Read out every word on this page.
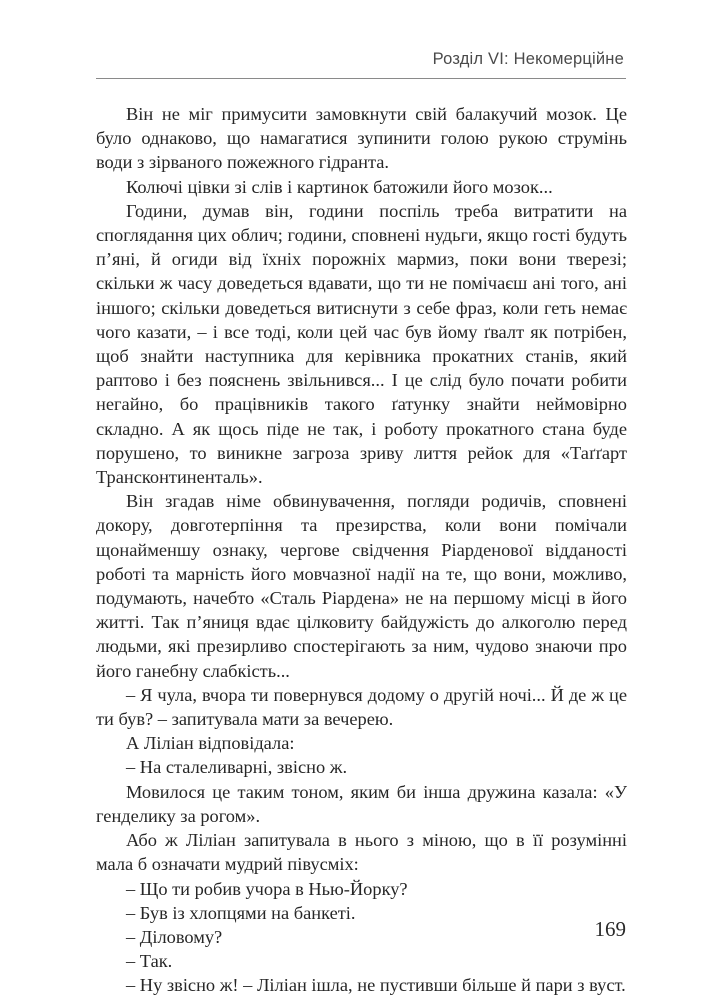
Розділ VI: Некомерційне

Він не міг примусити замовкнути свій балакучий мозок. Це було однаково, що намагатися зупинити голою рукою струмінь води з зірваного пожежного гідранта.

Колючі цівки зі слів і картинок батожили його мозок...

Години, думав він, години поспіль треба витратити на споглядання цих облич; години, сповнені нудьги, якщо гості будуть п’яні, й огиди від їхніх порожніх мармиз, поки вони тверезі; скільки ж часу доведеться вдавати, що ти не помічаєш ані того, ані іншого; скільки доведеться витиснути з себе фраз, коли геть немає чого казати, – і все тоді, коли цей час був йому ґвалт як потрібен, щоб знайти наступника для керівника прокатних станів, який раптово і без пояснень звільнився... І це слід було почати робити негайно, бо працівників такого ґатунку знайти неймовірно складно. А як щось піде не так, і роботу прокатного стана буде порушено, то виникне загроза зриву лиття рейок для «Таґґарт Трансконтиненталь».

Він згадав німе обвинувачення, погляди родичів, сповнені докору, довготерпіння та презирства, коли вони помічали щонайменшу ознаку, чергове свідчення Ріарденової відданості роботі та марність його мовчазної надії на те, що вони, можливо, подумають, начебто «Сталь Ріардена» не на першому місці в його житті. Так п’яниця вдає цілковиту байдужість до алкоголю перед людьми, які презирливо спостерігають за ним, чудово знаючи про його ганебну слабкість...

– Я чула, вчора ти повернувся додому о другій ночі... Й де ж це ти був? – запитувала мати за вечерею.

А Ліліан відповідала:

– На сталеливарні, звісно ж.

Мовилося це таким тоном, яким би інша дружина казала: «У генделику за рогом».

Або ж Ліліан запитувала в нього з міною, що в її розумінні мала б означати мудрий півусміх:

– Що ти робив учора в Нью-Йорку?

– Був із хлопцями на банкеті.

– Діловому?

– Так.

– Ну звісно ж! – Ліліан ішла, не пустивши більше й пари з вуст.

169
